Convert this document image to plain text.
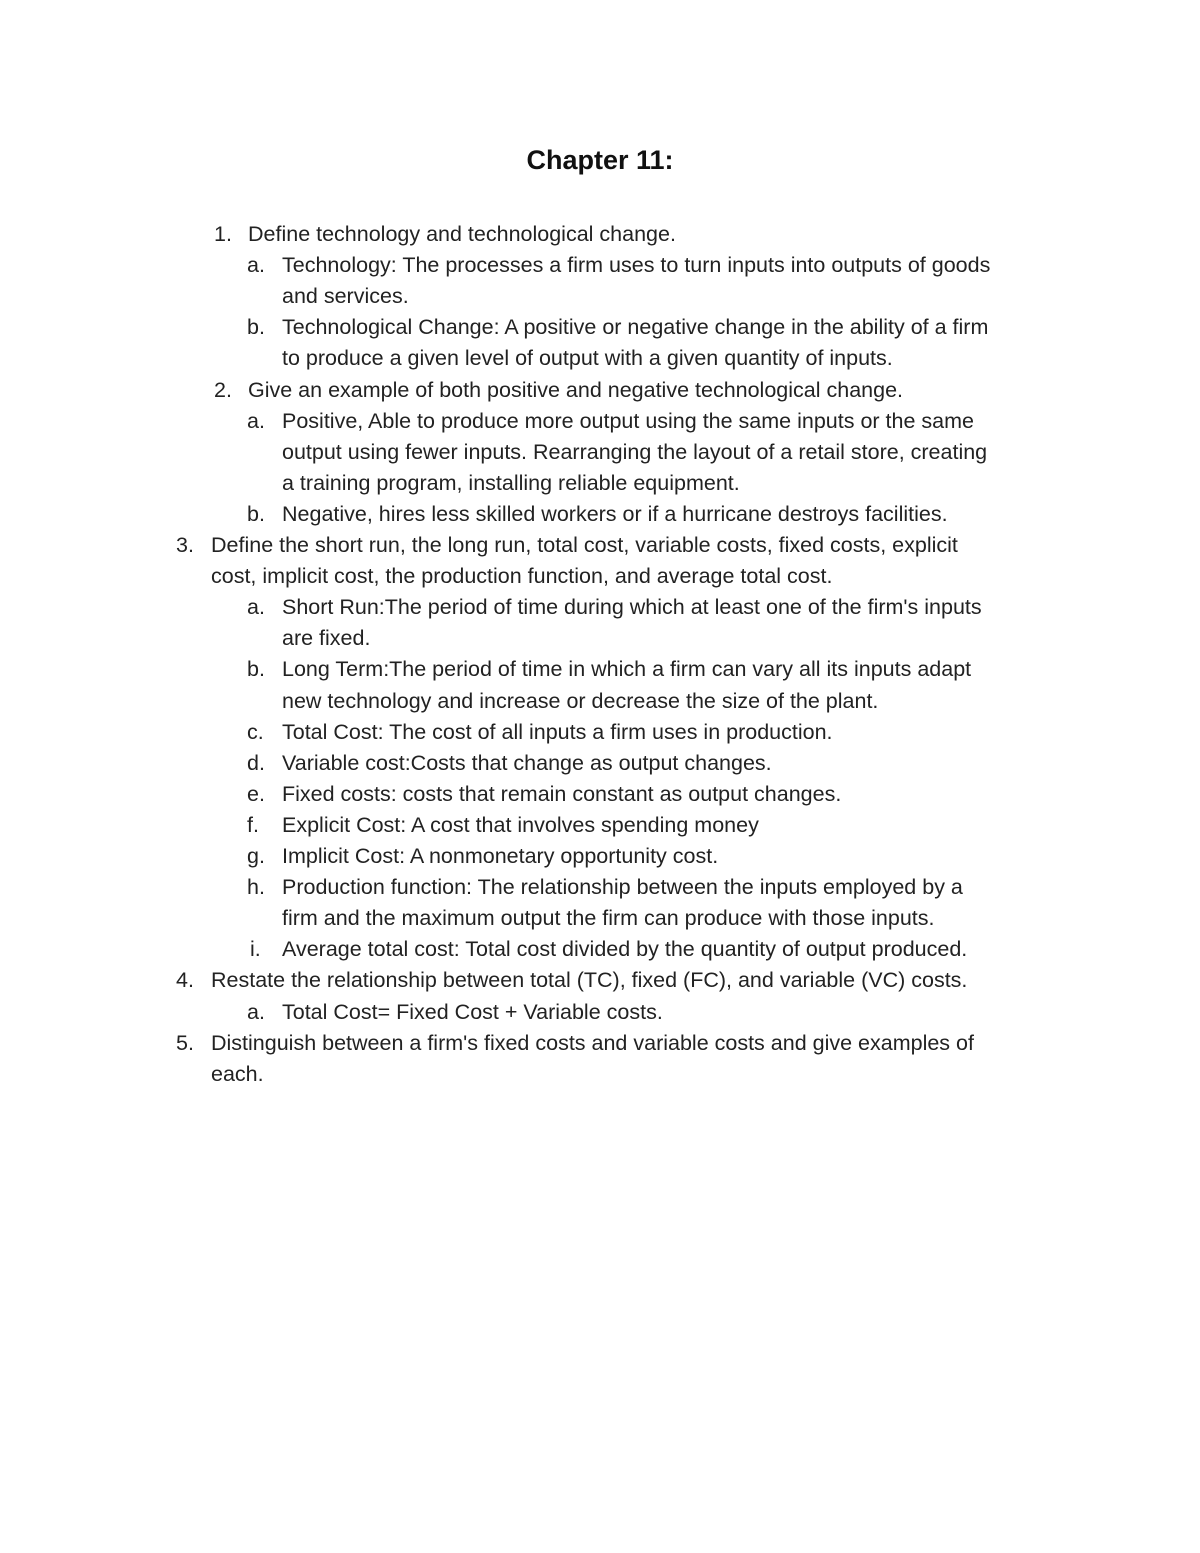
Chapter 11:
1. Define technology and technological change.
a. Technology: The processes a firm uses to turn inputs into outputs of goods
and services.
b. Technological Change: A positive or negative change in the ability of a firm
to produce a given level of output with a given quantity of inputs.
2. Give an example of both positive and negative technological change.
a. Positive, Able to produce more output using the same inputs or the same
output using fewer inputs. Rearranging the layout of a retail store, creating
a training program, installing reliable equipment.
b. Negative, hires less skilled workers or if a hurricane destroys facilities.
3. Define the short run, the long run, total cost, variable costs, fixed costs, explicit
cost, implicit cost, the production function, and average total cost.
a. Short Run:The period of time during which at least one of the firm's inputs
are fixed.
b. Long Term:The period of time in which a firm can vary all its inputs adapt
new technology and increase or decrease the size of the plant.
c. Total Cost: The cost of all inputs a firm uses in production.
d. Variable cost:Costs that change as output changes.
e. Fixed costs: costs that remain constant as output changes.
f. Explicit Cost: A cost that involves spending money
g. Implicit Cost: A nonmonetary opportunity cost.
h. Production function: The relationship between the inputs employed by a
firm and the maximum output the firm can produce with those inputs.
i. Average total cost: Total cost divided by the quantity of output produced.
4. Restate the relationship between total (TC), fixed (FC), and variable (VC) costs.
a. Total Cost= Fixed Cost + Variable costs.
5. Distinguish between a firm's fixed costs and variable costs and give examples of
each.
